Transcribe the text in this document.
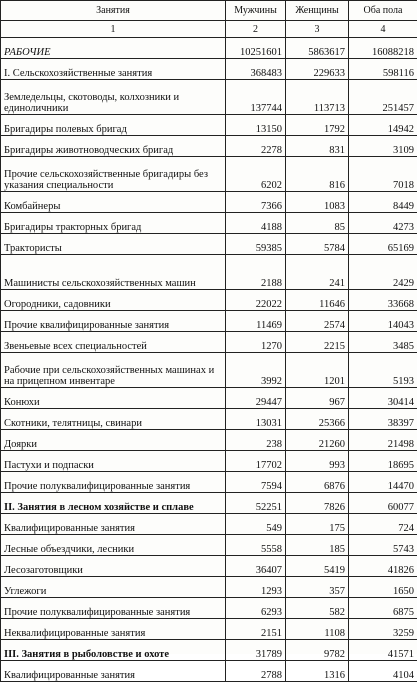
Занятия	Мужчины	Женщины	Оба пола
1	2	3	4
РАБОЧИЕ	10251601	5863617	16088218
I. Сельскохозяйственные занятия	368483	229633	598116
Земледельцы, скотоводы, колхозники и единоличники	137744	113713	251457
Бригадиры полевых бригад	13150	1792	14942
Бригадиры животноводческих бригад	2278	831	3109
Прочие сельскохозяйственные бригадиры без указания специальности	6202	816	7018
Комбайнеры	7366	1083	8449
Бригадиры тракторных бригад	4188	85	4273
Трактористы	59385	5784	65169
Машинисты сельскохозяйственных машин	2188	241	2429
Огородники, садовники	22022	11646	33668
Прочие квалифицированные занятия	11469	2574	14043
Звеньевые всех специальностей	1270	2215	3485
Рабочие при сельскохозяйственных машинах и на прицепном инвентаре	3992	1201	5193
Конюхи	29447	967	30414
Скотники, телятницы, свинари	13031	25366	38397
Доярки	238	21260	21498
Пастухи и подпаски	17702	993	18695
Прочие полуквалифицированные занятия	7594	6876	14470
II. Занятия в лесном хозяйстве и сплаве	52251	7826	60077
Квалифицированные занятия	549	175	724
Лесные объездчики, лесники	5558	185	5743
Лесозаготовщики	36407	5419	41826
Углежоги	1293	357	1650
Прочие полуквалифицированные занятия	6293	582	6875
Неквалифицированные занятия	2151	1108	3259
III. Занятия в рыболовстве и охоте	31789	9782	41571
Квалифицированные занятия	2788	1316	4104
